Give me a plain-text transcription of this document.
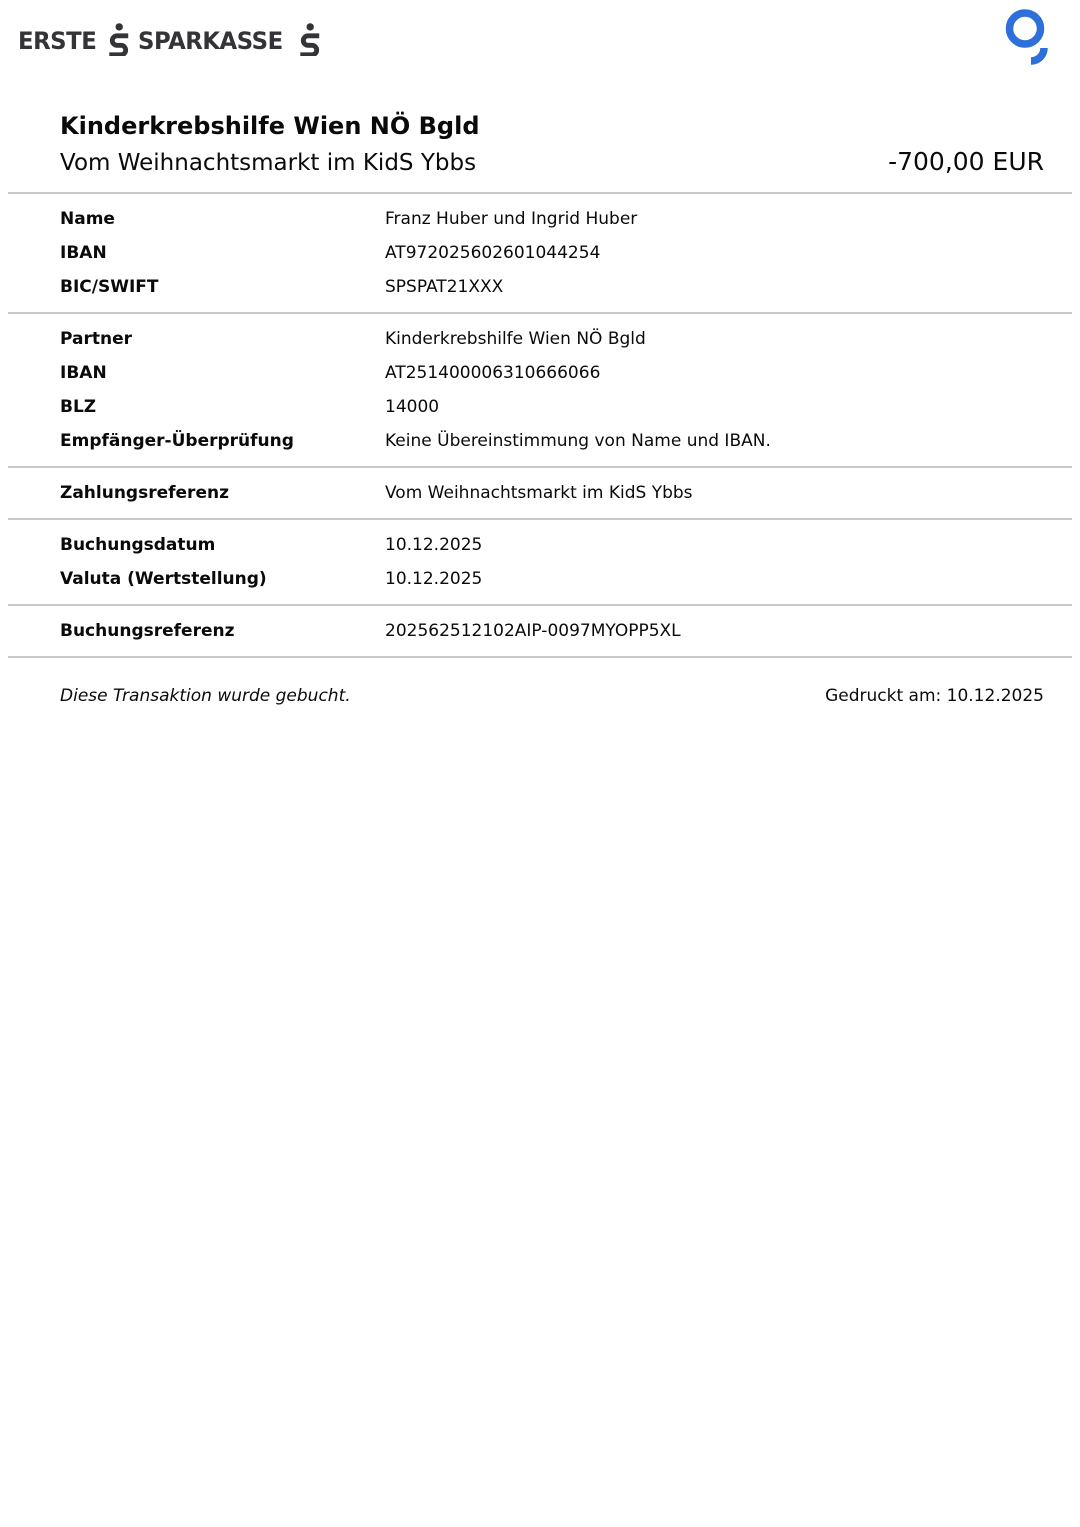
ERSTE SPARKASSE
Kinderkrebshilfe Wien NÖ Bgld
Vom Weihnachtsmarkt im KidS Ybbs	-700,00 EUR
Name	Franz Huber und Ingrid Huber
IBAN	AT972025602601044254
BIC/SWIFT	SPSPAT21XXX
Partner	Kinderkrebshilfe Wien NÖ Bgld
IBAN	AT251400006310666066
BLZ	14000
Empfänger-Überprüfung	Keine Übereinstimmung von Name und IBAN.
Zahlungsreferenz	Vom Weihnachtsmarkt im KidS Ybbs
Buchungsdatum	10.12.2025
Valuta (Wertstellung)	10.12.2025
Buchungsreferenz	202562512102AIP-0097MYOPP5XL
Diese Transaktion wurde gebucht.	Gedruckt am: 10.12.2025
